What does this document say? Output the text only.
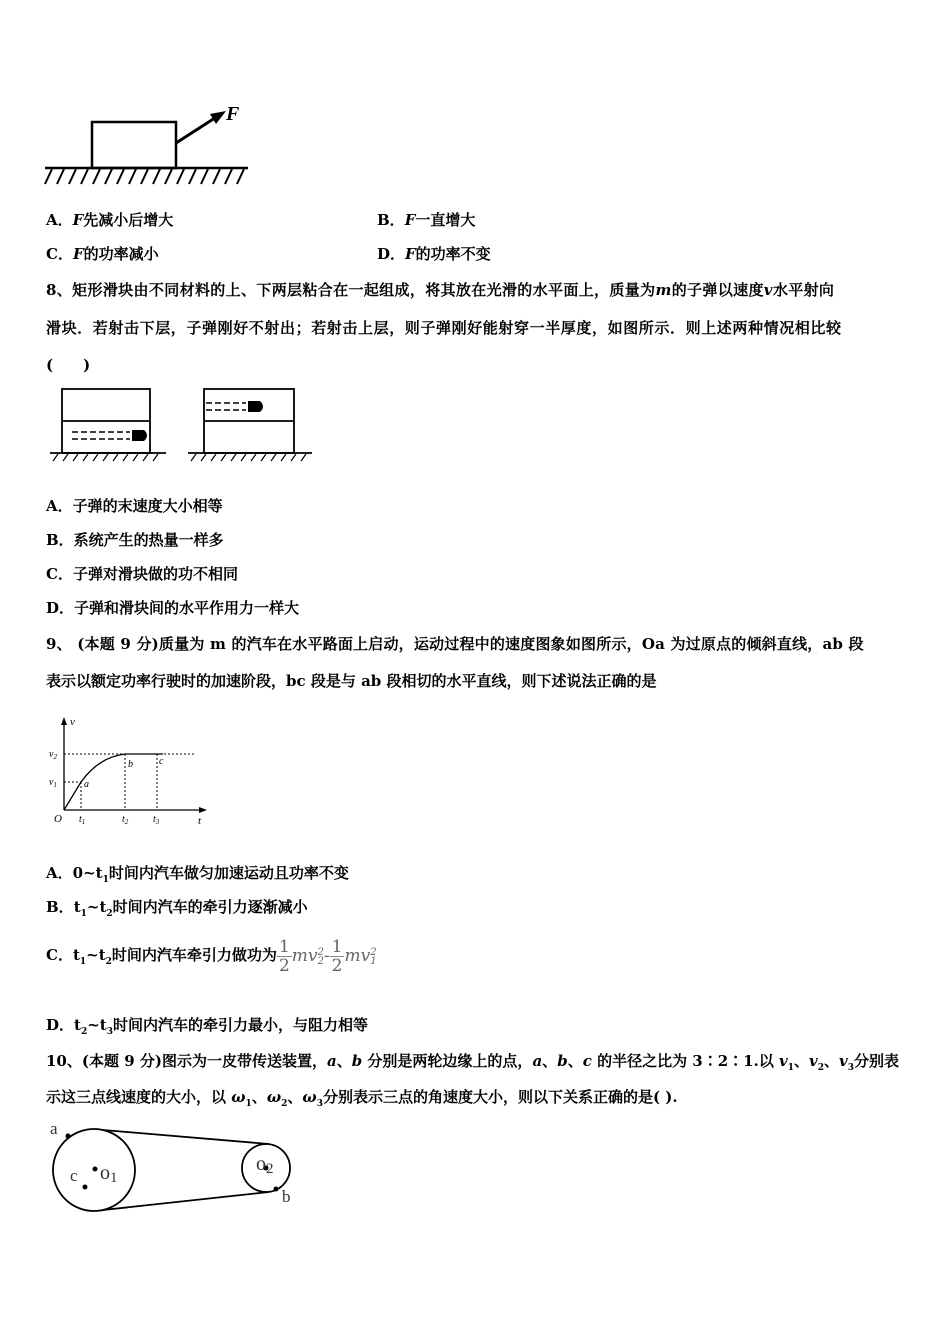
F
A．F先减小后增大	B．F一直增大
C．F的功率减小	D．F的功率不变
8、矩形滑块由不同材料的上、下两层粘合在一起组成，将其放在光滑的水平面上，质量为m的子弹以速度v水平射向
滑块．若射击下层，子弹刚好不射出；若射击上层，则子弹刚好能射穿一半厚度，如图所示．则上述两种情况相比较
(　　)
A．子弹的末速度大小相等
B．系统产生的热量一样多
C．子弹对滑块做的功不相同
D．子弹和滑块间的水平作用力一样大
9、 (本题 9 分)质量为 m 的汽车在水平路面上启动，运动过程中的速度图象如图所示，Oa 为过原点的倾斜直线，ab 段
表示以额定功率行驶时的加速阶段，bc 段是与 ab 段相切的水平直线，则下述说法正确的是
v
t
O
$v_2$
$v_1$
$t_1$	$t_2$ $t_3$
a
b	c
A．$0\sim t_1$时间内汽车做匀加速运动且功率不变
B．$t_1\sim t_2$时间内汽车的牵引力逐渐减小
C．$t_1\sim t_2$时间内汽车牵引力做功为 $\frac{1}{2}$ mv 2
$2 - \frac{1}{2}$ mv 2
1
D．$t_2\sim t_3$时间内汽车的牵引力最小，与阻力相等
10、(本题 9 分)图示为一皮带传送装置，a、b 分别是两轮边缘上的点，a、b、c 的半径之比为 3∶2∶1.以 $v_1$、$v_2$、$v_3$分别表
示这三点线速度的大小，以 $\omega_1$、$\omega_2$、$\omega_3$分别表示三点的角速度大小，则以下关系正确的是( ).
a
c o1
o2
b
